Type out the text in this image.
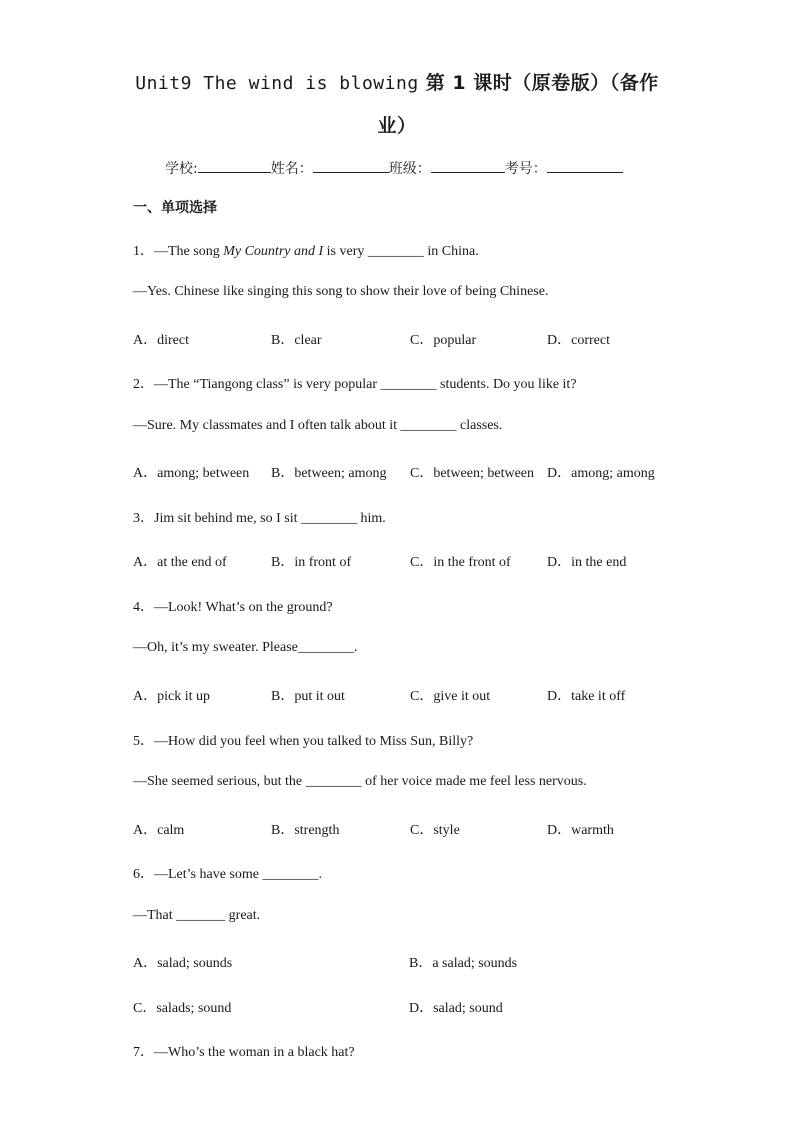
Unit9 The wind is blowing 第 1 课时（原卷版）（备作
业）
学校:	姓名：	班级：	考号：
一、单项选择
1．—The song My Country and I is very ________ in China.
—Yes. Chinese like singing this song to show their love of being Chinese.
A．direct	B．clear	C．popular	D．correct
2．—The “Tiangong class” is very popular ________ students. Do you like it?
—Sure. My classmates and I often talk about it ________ classes.
A．among; between B．between; among C．between; between D．among; among
3．Jim sit behind me, so I sit ________ him.
A．at the end of	B．in front of	C．in the front of	D．in the end
4．—Look! What’s on the ground?
—Oh, it’s my sweater. Please________.
A．pick it up	B．put it out	C．give it out	D．take it off
5．—How did you feel when you talked to Miss Sun, Billy?
—She seemed serious, but the ________ of her voice made me feel less nervous.
A．calm	B．strength	C．style	D．warmth
6．—Let’s have some ________.
—That _______ great.
A．salad; sounds	B．a salad; sounds
C．salads; sound	D．salad; sound
7．—Who’s the woman in a black hat?
